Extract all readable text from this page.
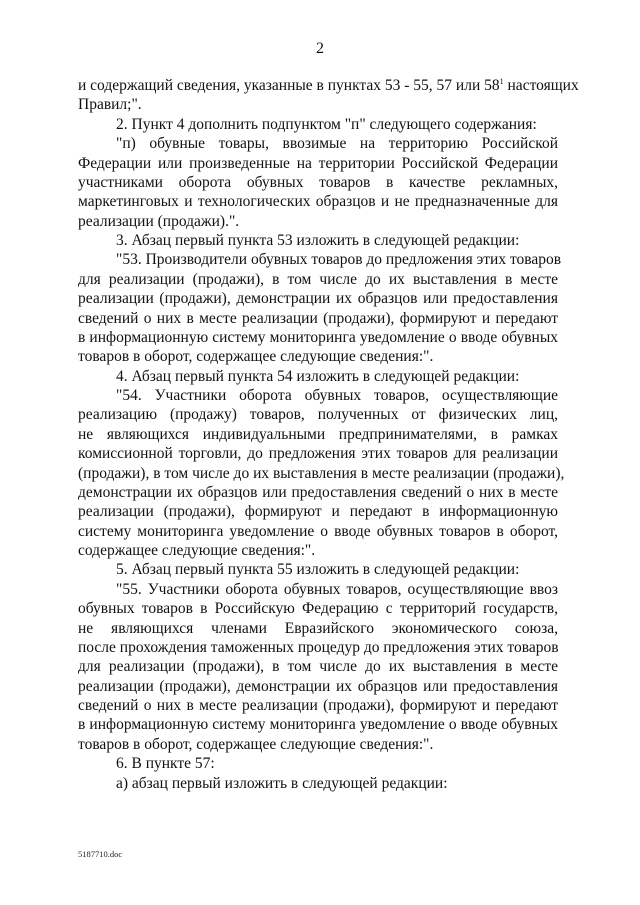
2
и содержащий сведения, указанные в пунктах 53 - 55, 57 или $58^1$ настоящих
Правил;".
2. Пункт 4 дополнить подпунктом "п" следующего содержания:
"п) обувные товары, ввозимые на территорию Российской
Федерации или произведенные на территории Российской Федерации
участниками оборота обувных товаров в качестве рекламных,
маркетинговых и технологических образцов и не предназначенные для
реализации (продажи).".
3. Абзац первый пункта 53 изложить в следующей редакции:
"53. Производители обувных товаров до предложения этих товаров
для реализации (продажи), в том числе до их выставления в месте
реализации (продажи), демонстрации их образцов или предоставления
сведений о них в месте реализации (продажи), формируют и передают
в информационную систему мониторинга уведомление о вводе обувных
товаров в оборот, содержащее следующие сведения:".
4. Абзац первый пункта 54 изложить в следующей редакции:
"54. Участники оборота обувных товаров, осуществляющие
реализацию (продажу) товаров, полученных от физических лиц,
не являющихся индивидуальными предпринимателями, в рамках
комиссионной торговли, до предложения этих товаров для реализации
(продажи), в том числе до их выставления в месте реализации (продажи),
демонстрации их образцов или предоставления сведений о них в месте
реализации (продажи), формируют и передают в информационную
систему мониторинга уведомление о вводе обувных товаров в оборот,
содержащее следующие сведения:".
5. Абзац первый пункта 55 изложить в следующей редакции:
"55. Участники оборота обувных товаров, осуществляющие ввоз
обувных товаров в Российскую Федерацию с территорий государств,
не являющихся членами Евразийского экономического союза,
после прохождения таможенных процедур до предложения этих товаров
для реализации (продажи), в том числе до их выставления в месте
реализации (продажи), демонстрации их образцов или предоставления
сведений о них в месте реализации (продажи), формируют и передают
в информационную систему мониторинга уведомление о вводе обувных
товаров в оборот, содержащее следующие сведения:".
6. В пункте 57:
а) абзац первый изложить в следующей редакции:
5187710.doc
